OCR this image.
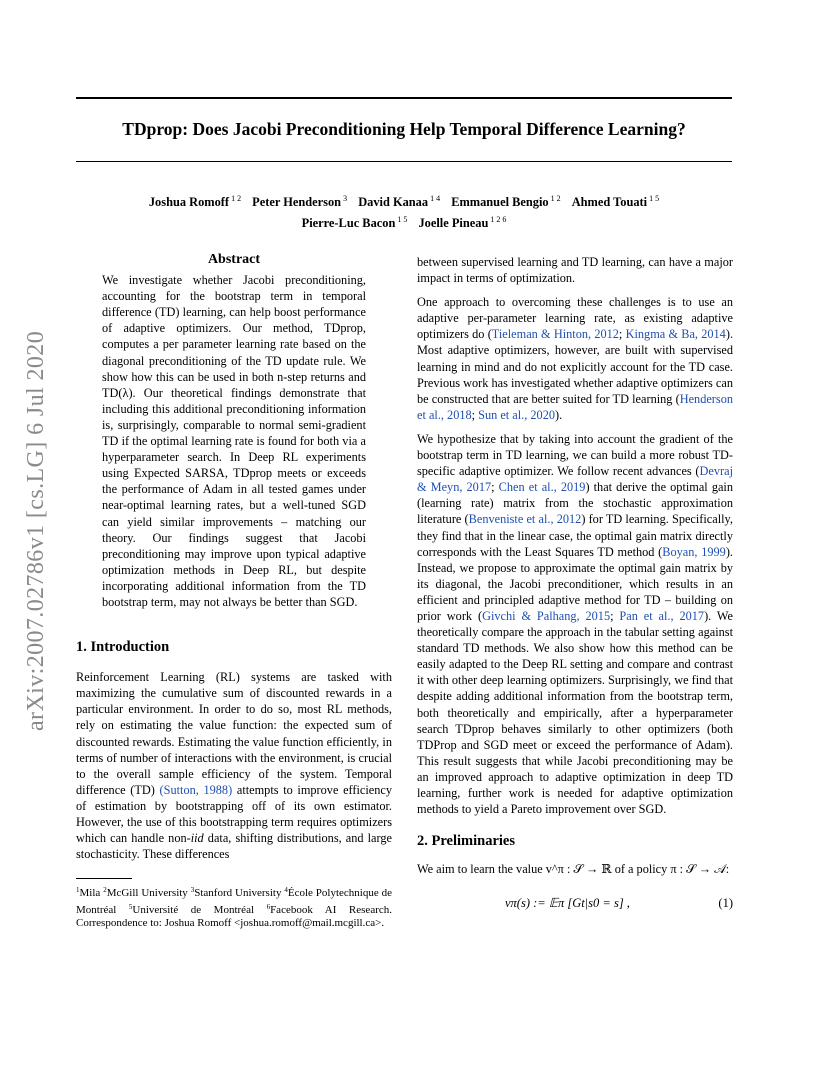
TDprop: Does Jacobi Preconditioning Help Temporal Difference Learning?
Joshua Romoff $^{1 2}$ Peter Henderson $^3$ David Kanaa $^{1 4}$ Emmanuel Bengio $^{1 2}$ Ahmed Touati $^{1 5}$
Pierre-Luc Bacon $^{1 5}$ Joelle Pineau $^{1 2 6}$
arXiv:2007.02786v1 [cs.LG] 6 Jul 2020
Abstract

We investigate whether Jacobi preconditioning, accounting for the bootstrap term in temporal difference (TD) learning, can help boost performance of adaptive optimizers. Our method, TDprop, computes a per parameter learning rate based on the diagonal preconditioning of the TD update rule. We show how this can be used in both n-step returns and TD(λ). Our theoretical findings demonstrate that including this additional preconditioning information is, surprisingly, comparable to normal semi-gradient TD if the optimal learning rate is found for both via a hyperparameter search. In Deep RL experiments using Expected SARSA, TDprop meets or exceeds the performance of Adam in all tested games under near-optimal learning rates, but a well-tuned SGD can yield similar improvements – matching our theory. Our findings suggest that Jacobi preconditioning may improve upon typical adaptive optimization methods in Deep RL, but despite incorporating additional information from the TD bootstrap term, may not always be better than SGD.

1. Introduction

Reinforcement Learning (RL) systems are tasked with maximizing the cumulative sum of discounted rewards in a particular environment. In order to do so, most RL methods, rely on estimating the value function: the expected sum of discounted rewards. Estimating the value function efficiently, in terms of number of interactions with the environment, is crucial to the overall sample efficiency of the system. Temporal difference (TD) (Sutton, 1988) attempts to improve efficiency of estimation by bootstrapping off of its own estimator. However, the use of this bootstrapping term requires optimizers which can handle non-iid data, shifting distributions, and large stochasticity. These differences

$^1$Mila $^2$McGill University $^3$Stanford University $^4$École Polytechnique de Montréal $^5$Université de Montréal $^6$Facebook AI Research. Correspondence to: Joshua Romoff <joshua.romoff@mail.mcgill.ca>.

between supervised learning and TD learning, can have a major impact in terms of optimization.

One approach to overcoming these challenges is to use an adaptive per-parameter learning rate, as existing adaptive optimizers do (Tieleman & Hinton, 2012; Kingma & Ba, 2014). Most adaptive optimizers, however, are built with supervised learning in mind and do not explicitly account for the TD case. Previous work has investigated whether adaptive optimizers can be constructed that are better suited for TD learning (Henderson et al., 2018; Sun et al., 2020).

We hypothesize that by taking into account the gradient of the bootstrap term in TD learning, we can build a more robust TD-specific adaptive optimizer. We follow recent advances (Devraj & Meyn, 2017; Chen et al., 2019) that derive the optimal gain (learning rate) matrix from the stochastic approximation literature (Benveniste et al., 2012) for TD learning. Specifically, they find that in the linear case, the optimal gain matrix directly corresponds with the Least Squares TD method (Boyan, 1999). Instead, we propose to approximate the optimal gain matrix by its diagonal, the Jacobi preconditioner, which results in an efficient and principled adaptive method for TD – building on prior work (Givchi & Palhang, 2015; Pan et al., 2017). We theoretically compare the approach in the tabular setting against standard TD methods. We also show how this method can be easily adapted to the Deep RL setting and compare and contrast it with other deep learning optimizers. Surprisingly, we find that despite adding additional information from the bootstrap term, both theoretically and empirically, after a hyperparameter search TDprop behaves similarly to other optimizers (both TDProp and SGD meet or exceed the performance of Adam). This result suggests that while Jacobi preconditioning may be an improved approach to adaptive optimization in deep TD learning, further work is needed for adaptive optimization methods to yield a Pareto improvement over SGD.

2. Preliminaries

We aim to learn the value v^π : 𝒮 → ℝ of a policy π : 𝒮 → 𝒜:

vπ(s) := 𝔼π [Gt|s0 = s] ,	(1)
